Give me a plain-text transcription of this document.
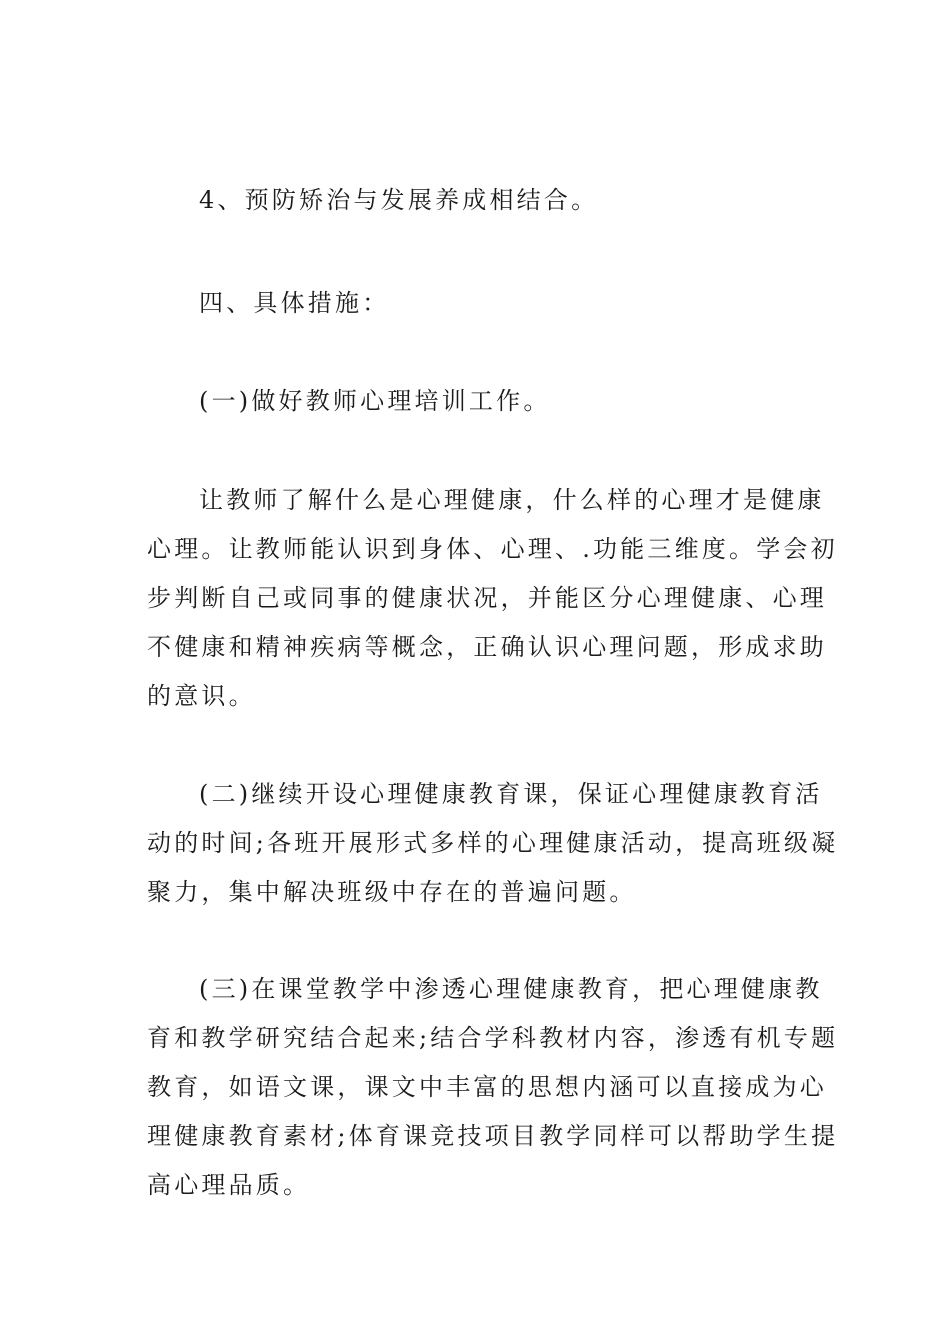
4、预防矫治与发展养成相结合。

四、具体措施：

(一)做好教师心理培训工作。

让教师了解什么是心理健康，什么样的心理才是健康
心理。让教师能认识到身体、心理、.功能三维度。学会初
步判断自己或同事的健康状况，并能区分心理健康、心理
不健康和精神疾病等概念，正确认识心理问题，形成求助
的意识。

(二)继续开设心理健康教育课，保证心理健康教育活
动的时间;各班开展形式多样的心理健康活动，提高班级凝
聚力，集中解决班级中存在的普遍问题。

(三)在课堂教学中渗透心理健康教育，把心理健康教
育和教学研究结合起来;结合学科教材内容，渗透有机专题
教育，如语文课，课文中丰富的思想内涵可以直接成为心
理健康教育素材;体育课竞技项目教学同样可以帮助学生提
高心理品质。
